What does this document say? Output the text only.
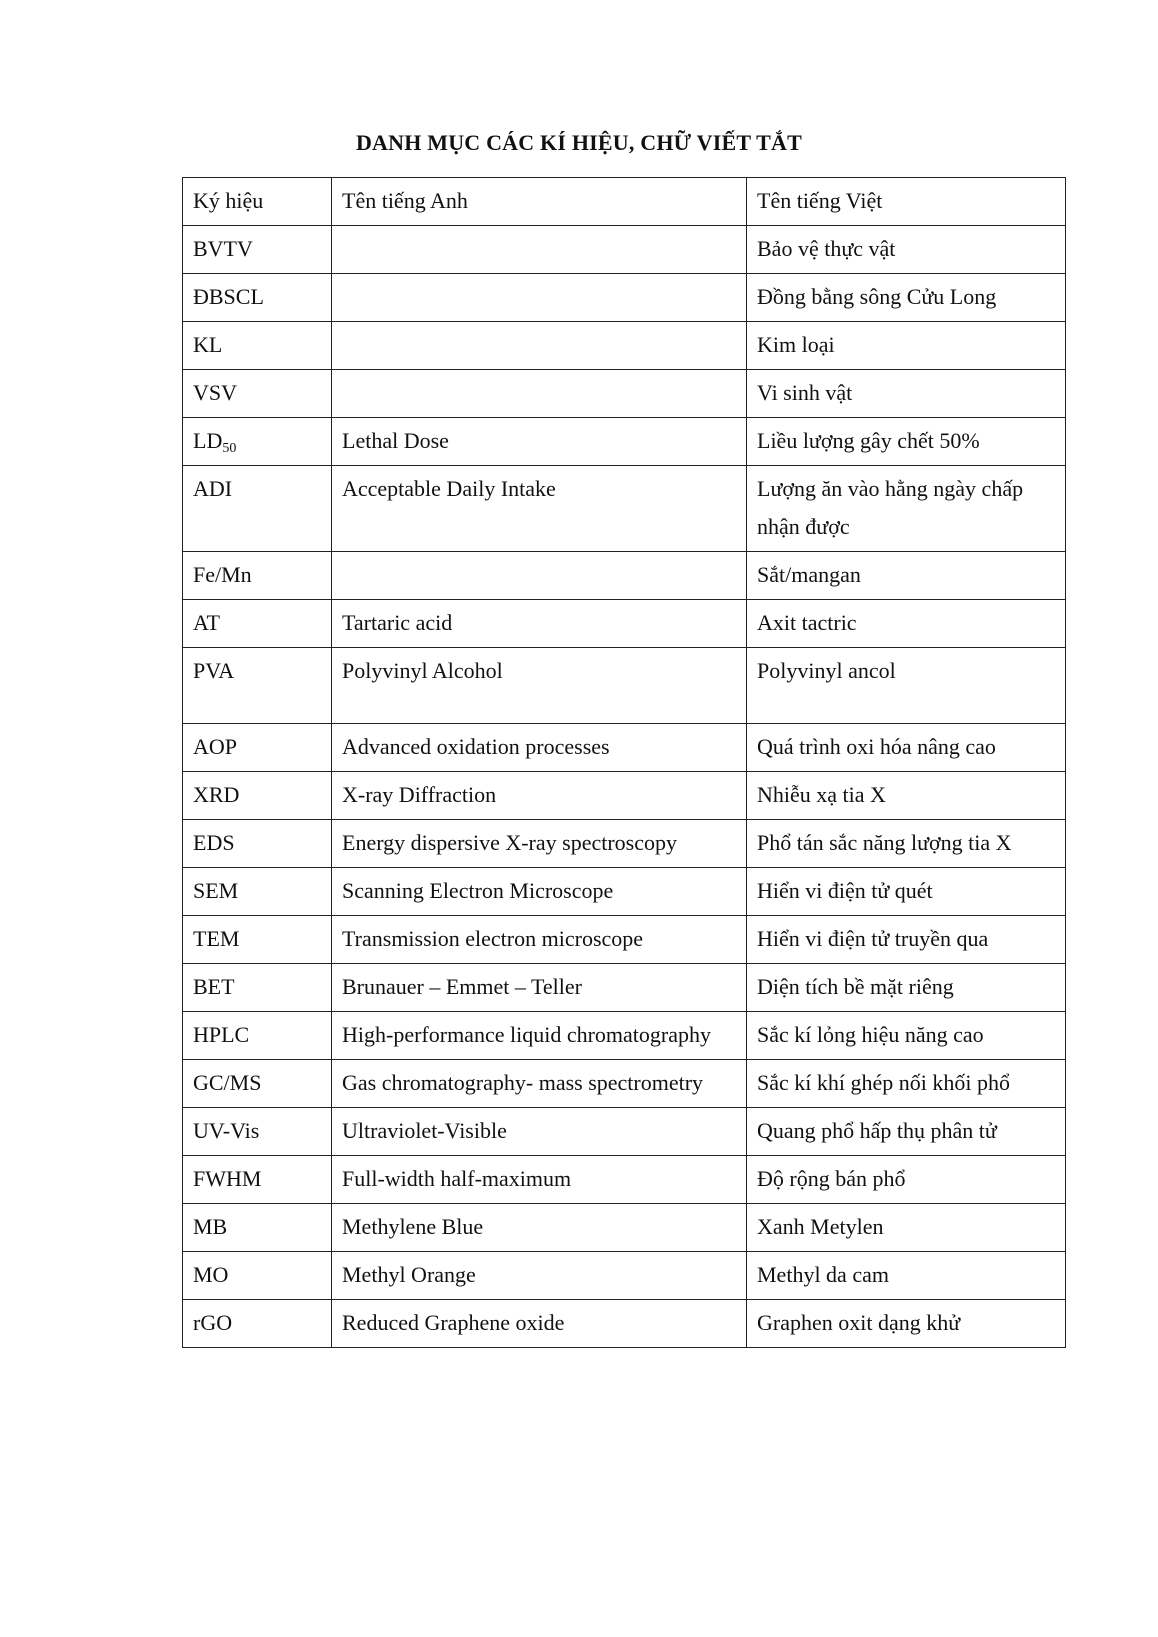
DANH MỤC CÁC KÍ HIỆU, CHỮ VIẾT TẮT
Ký hiệu	Tên tiếng Anh	Tên tiếng Việt
BVTV		Bảo vệ thực vật
ĐBSCL		Đồng bằng sông Cửu Long
KL		Kim loại
VSV		Vi sinh vật
$LD_{50}$	Lethal Dose	Liều lượng gây chết 50%
ADI	Acceptable Daily Intake	Lượng ăn vào hằng ngày chấp nhận được
Fe/Mn		Sắt/mangan
AT	Tartaric acid	Axit tactric
PVA	Polyvinyl Alcohol	Polyvinyl ancol
AOP	Advanced oxidation processes	Quá trình oxi hóa nâng cao
XRD	X-ray Diffraction	Nhiễu xạ tia X
EDS	Energy dispersive X-ray spectroscopy	Phổ tán sắc năng lượng tia X
SEM	Scanning Electron Microscope	Hiển vi điện tử quét
TEM	Transmission electron microscope	Hiển vi điện tử truyền qua
BET	Brunauer – Emmet – Teller	Diện tích bề mặt riêng
HPLC	High-performance liquid chromatography	Sắc kí lỏng hiệu năng cao
GC/MS	Gas chromatography- mass spectrometry	Sắc kí khí ghép nối khối phổ
UV-Vis	Ultraviolet-Visible	Quang phổ hấp thụ phân tử
FWHM	Full-width half-maximum	Độ rộng bán phổ
MB	Methylene Blue	Xanh Metylen
MO	Methyl Orange	Methyl da cam
rGO	Reduced Graphene oxide	Graphen oxit dạng khử
